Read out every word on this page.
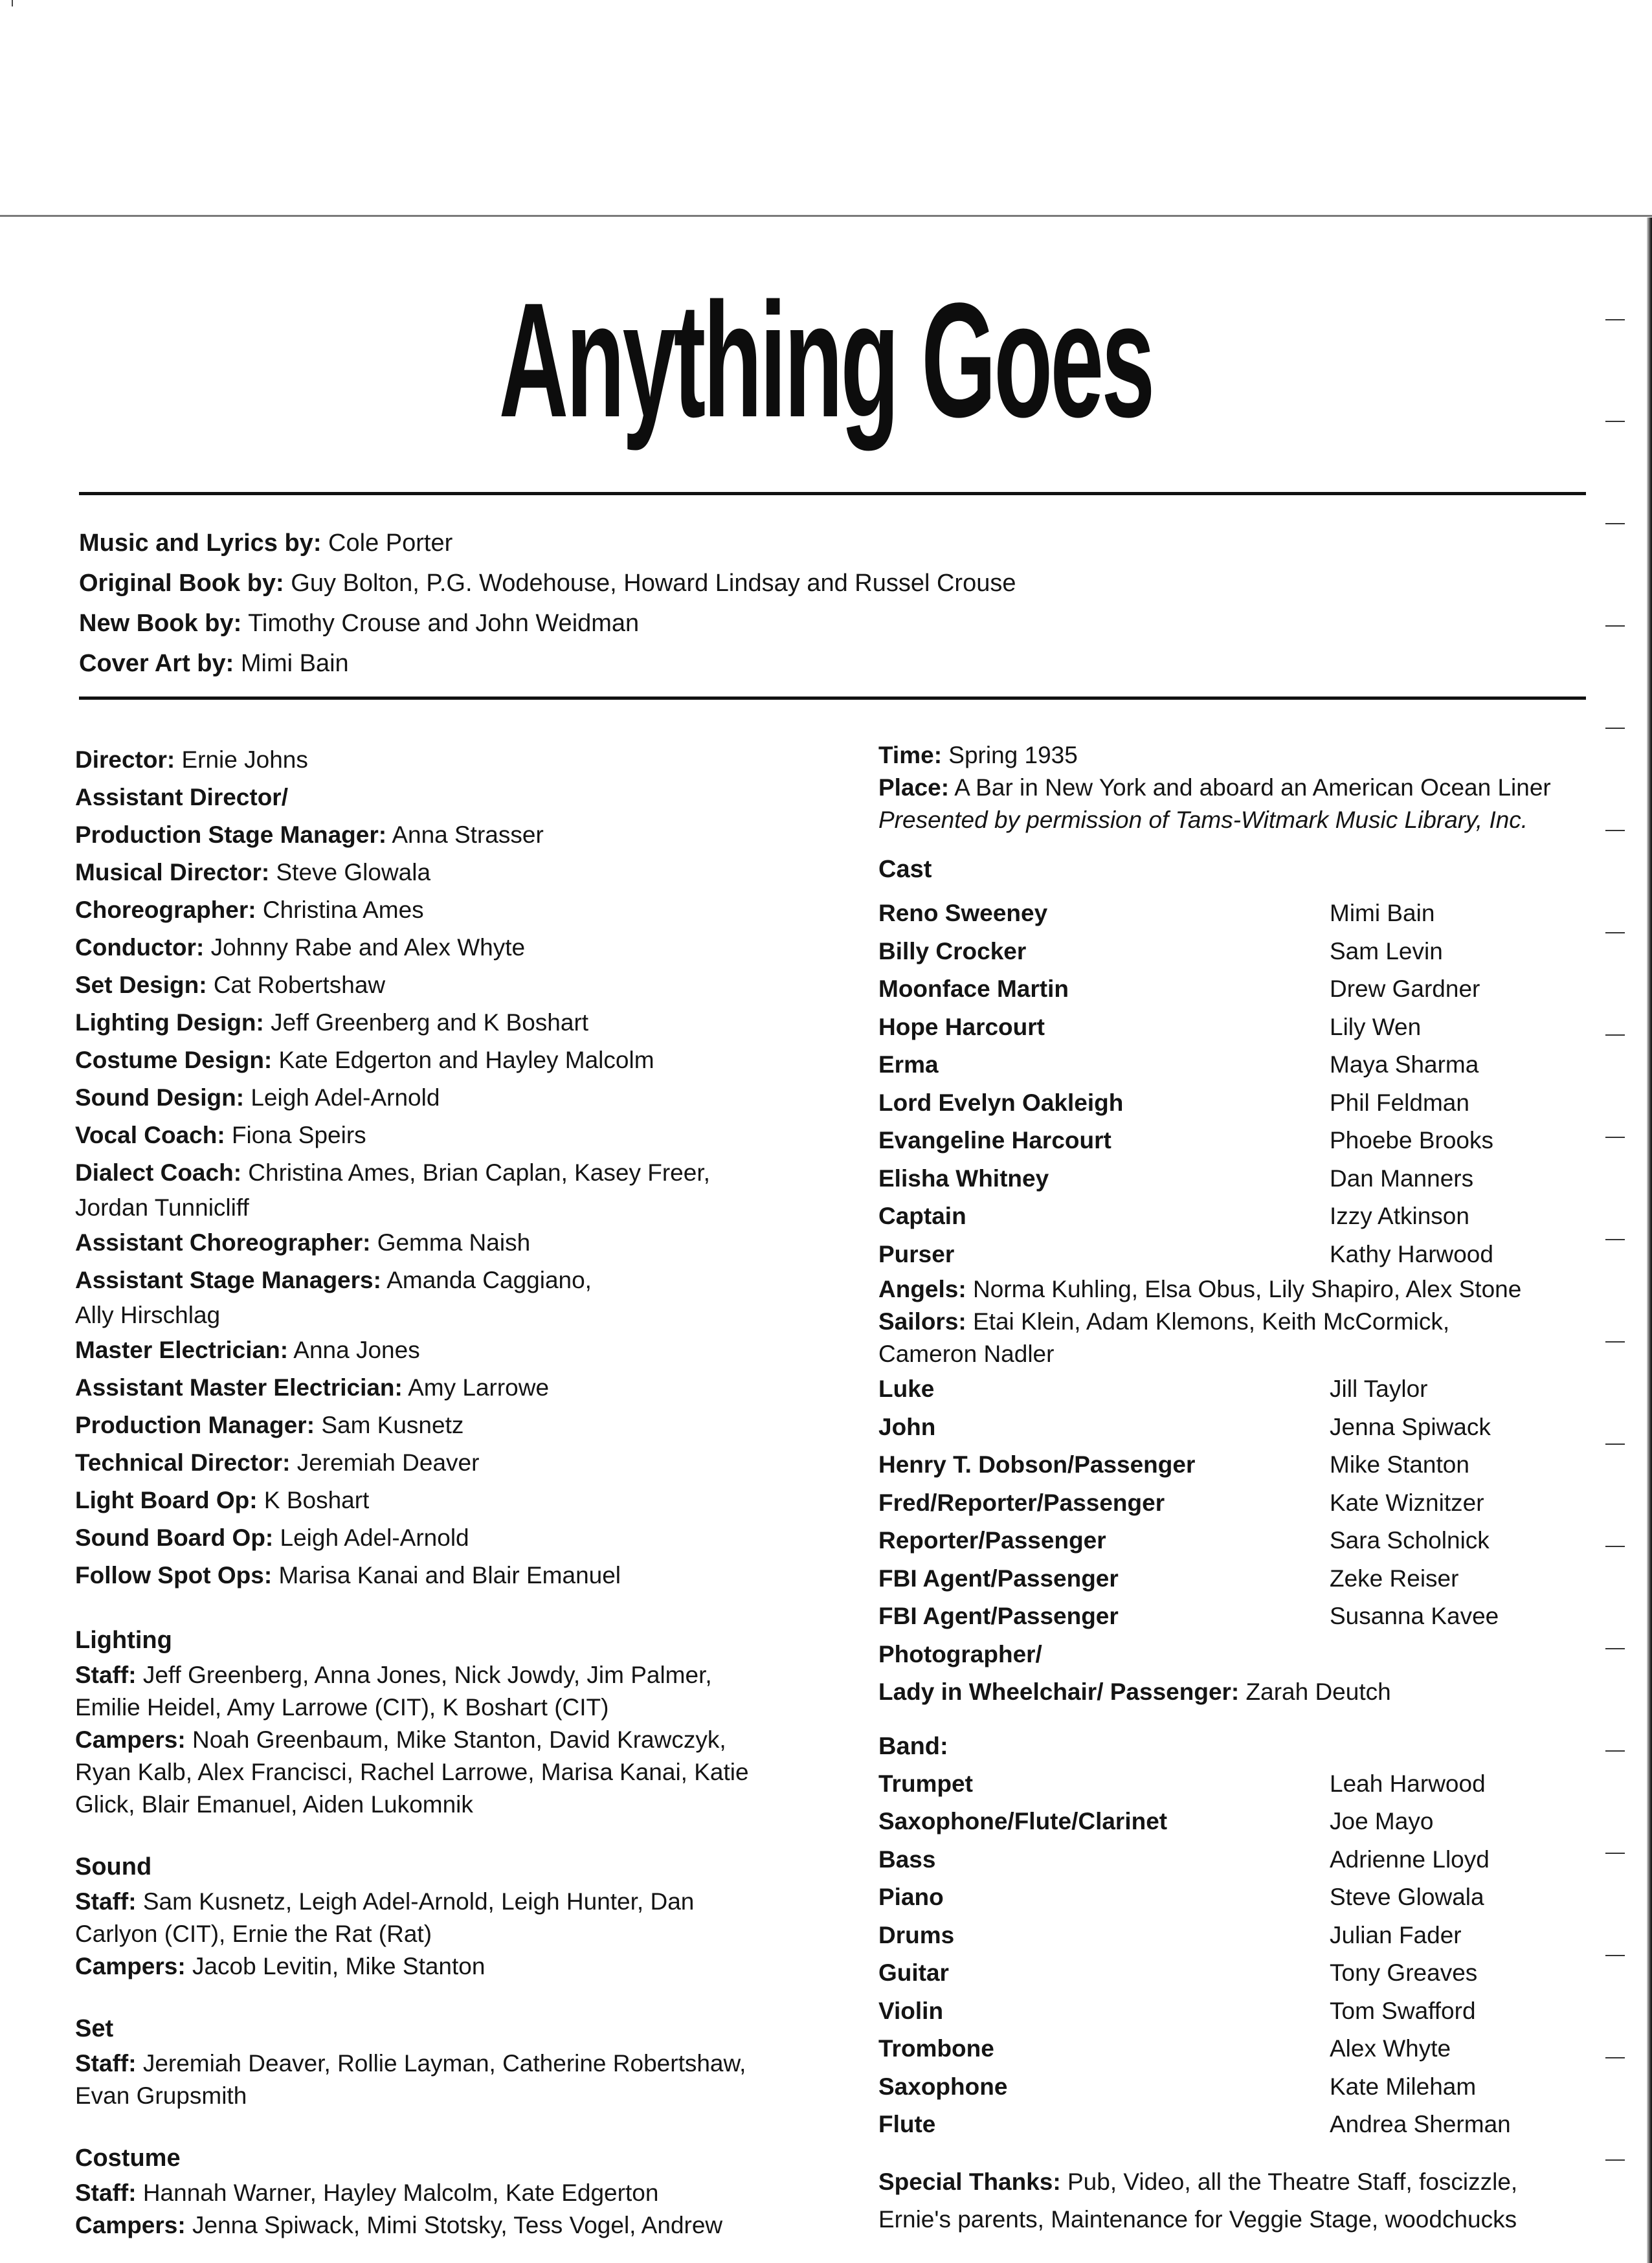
Anything Goes
Music and Lyrics by: Cole Porter
Original Book by: Guy Bolton, P.G. Wodehouse, Howard Lindsay and Russel Crouse
New Book by: Timothy Crouse and John Weidman
Cover Art by: Mimi Bain
Director: Ernie Johns
Assistant Director/
Production Stage Manager: Anna Strasser
Musical Director: Steve Glowala
Choreographer: Christina Ames
Conductor: Johnny Rabe and Alex Whyte
Set Design: Cat Robertshaw
Lighting Design: Jeff Greenberg and K Boshart
Costume Design: Kate Edgerton and Hayley Malcolm
Sound Design: Leigh Adel-Arnold
Vocal Coach: Fiona Speirs
Dialect Coach: Christina Ames, Brian Caplan, Kasey Freer,
Jordan Tunnicliff
Assistant Choreographer: Gemma Naish
Assistant Stage Managers: Amanda Caggiano,
Ally Hirschlag
Master Electrician: Anna Jones
Assistant Master Electrician: Amy Larrowe
Production Manager: Sam Kusnetz
Technical Director: Jeremiah Deaver
Light Board Op: K Boshart
Sound Board Op: Leigh Adel-Arnold
Follow Spot Ops: Marisa Kanai and Blair Emanuel
Lighting
Staff: Jeff Greenberg, Anna Jones, Nick Jowdy, Jim Palmer,
Emilie Heidel, Amy Larrowe (CIT), K Boshart (CIT)
Campers: Noah Greenbaum, Mike Stanton, David Krawczyk,
Ryan Kalb, Alex Francisci, Rachel Larrowe, Marisa Kanai, Katie
Glick, Blair Emanuel, Aiden Lukomnik
Sound
Staff: Sam Kusnetz, Leigh Adel-Arnold, Leigh Hunter, Dan
Carlyon (CIT), Ernie the Rat (Rat)
Campers: Jacob Levitin, Mike Stanton
Set
Staff: Jeremiah Deaver, Rollie Layman, Catherine Robertshaw,
Evan Grupsmith
Costume
Staff: Hannah Warner, Hayley Malcolm, Kate Edgerton
Campers: Jenna Spiwack, Mimi Stotsky, Tess Vogel, Andrew
Time: Spring 1935
Place: A Bar in New York and aboard an American Ocean Liner
Presented by permission of Tams-Witmark Music Library, Inc.
Cast
Reno Sweeney	Mimi Bain
Billy Crocker	Sam Levin
Moonface Martin	Drew Gardner
Hope Harcourt	Lily Wen
Erma	Maya Sharma
Lord Evelyn Oakleigh	Phil Feldman
Evangeline Harcourt	Phoebe Brooks
Elisha Whitney	Dan Manners
Captain	Izzy Atkinson
Purser	Kathy Harwood
Angels: Norma Kuhling, Elsa Obus, Lily Shapiro, Alex Stone
Sailors: Etai Klein, Adam Klemons, Keith McCormick,
Cameron Nadler
Luke	Jill Taylor
John	Jenna Spiwack
Henry T. Dobson/Passenger	Mike Stanton
Fred/Reporter/Passenger	Kate Wiznitzer
Reporter/Passenger	Sara Scholnick
FBI Agent/Passenger	Zeke Reiser
FBI Agent/Passenger	Susanna Kavee
Photographer/
Lady in Wheelchair/ Passenger: Zarah Deutch
Band:
Trumpet	Leah Harwood
Saxophone/Flute/Clarinet	Joe Mayo
Bass	Adrienne Lloyd
Piano	Steve Glowala
Drums	Julian Fader
Guitar	Tony Greaves
Violin	Tom Swafford
Trombone	Alex Whyte
Saxophone	Kate Mileham
Flute	Andrea Sherman
Special Thanks: Pub, Video, all the Theatre Staff, foscizzle,
Ernie's parents, Maintenance for Veggie Stage, woodchucks
